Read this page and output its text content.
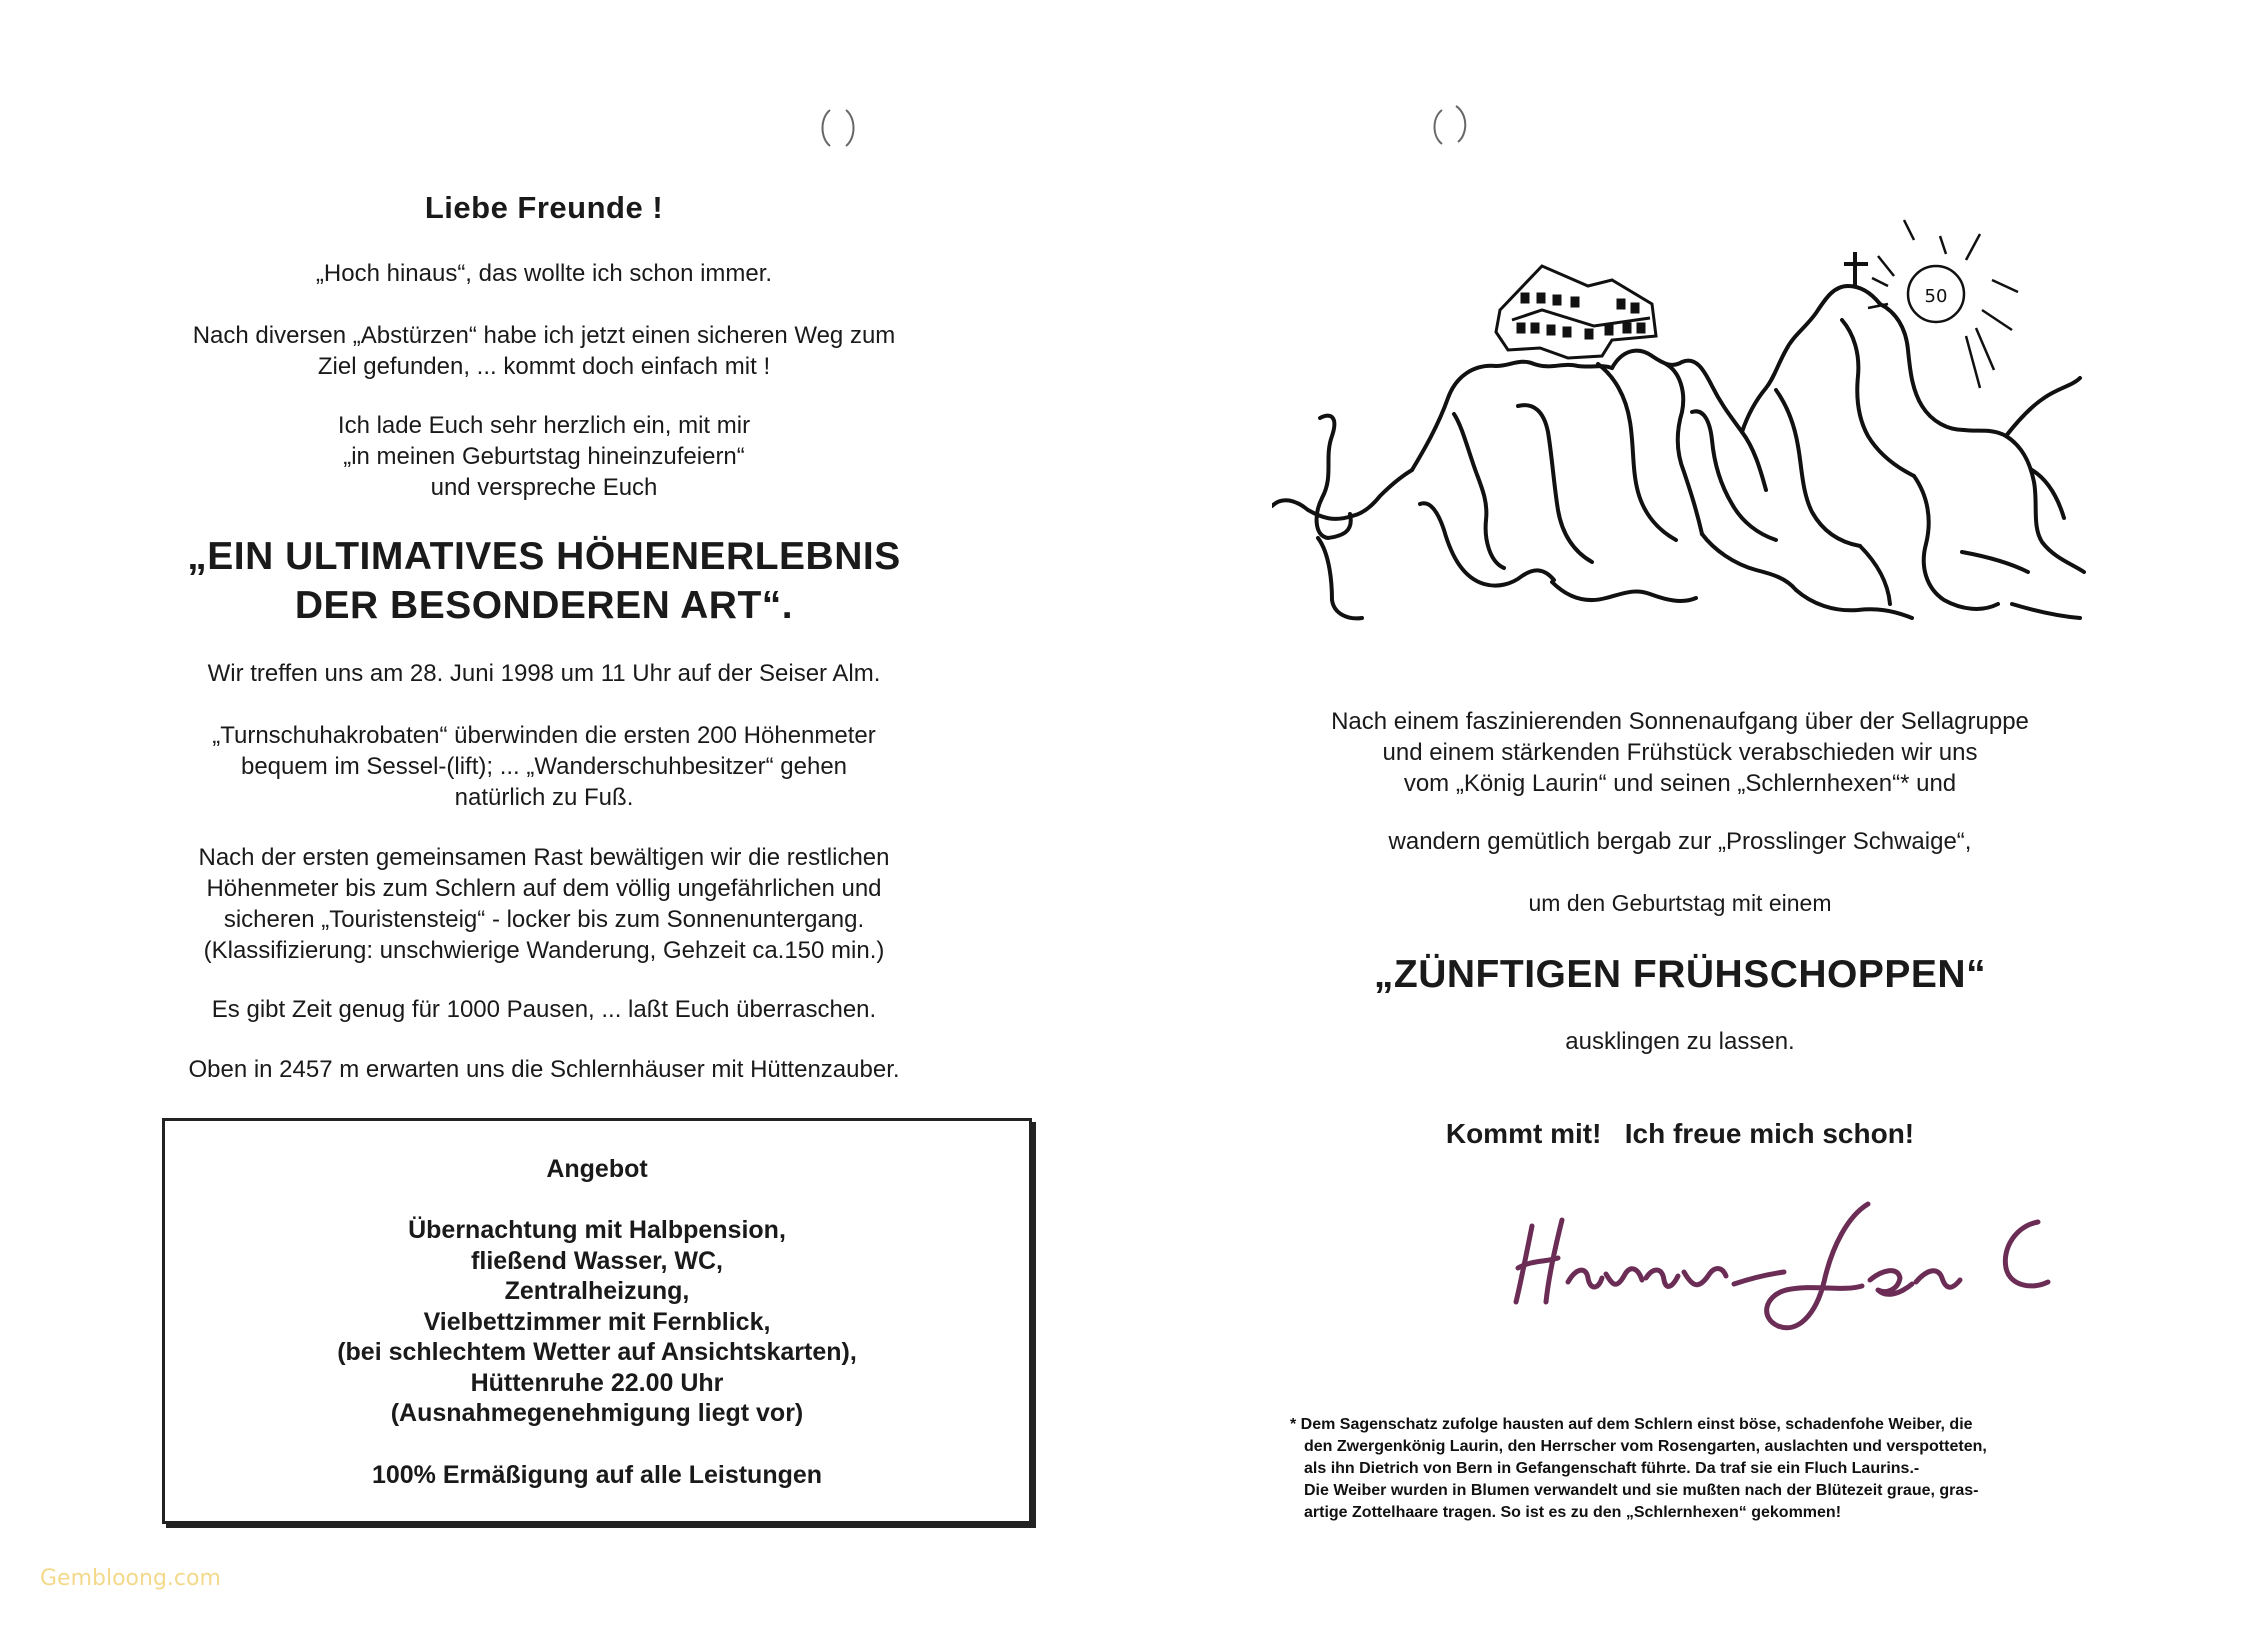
Liebe Freunde !
„Hoch hinaus“, das wollte ich schon immer.
Nach diversen „Abstürzen“ habe ich jetzt einen sicheren Weg zum
Ziel gefunden, ... kommt doch einfach mit !
Ich lade Euch sehr herzlich ein, mit mir
„in meinen Geburtstag hineinzufeiern“
und verspreche Euch
„EIN ULTIMATIVES HÖHENERLEBNIS
DER BESONDEREN ART“.
Wir treffen uns am 28. Juni 1998 um 11 Uhr auf der Seiser Alm.
„Turnschuhakrobaten“ überwinden die ersten 200 Höhenmeter
bequem im Sessel-(lift); ... „Wanderschuhbesitzer“ gehen
natürlich zu Fuß.
Nach der ersten gemeinsamen Rast bewältigen wir die restlichen
Höhenmeter bis zum Schlern auf dem völlig ungefährlichen und
sicheren „Touristensteig“ - locker bis zum Sonnenuntergang.
(Klassifizierung: unschwierige Wanderung, Gehzeit ca.150 min.)
Es gibt Zeit genug für 1000 Pausen, ... laßt Euch überraschen.
Oben in 2457 m erwarten uns die Schlernhäuser mit Hüttenzauber.
Angebot
Übernachtung mit Halbpension,
fließend Wasser, WC,
Zentralheizung,
Vielbettzimmer mit Fernblick,
(bei schlechtem Wetter auf Ansichtskarten),
Hüttenruhe 22.00 Uhr
(Ausnahmegenehmigung liegt vor)
100% Ermäßigung auf alle Leistungen
Gembloong.com
50
Nach einem faszinierenden Sonnenaufgang über der Sellagruppe
und einem stärkenden Frühstück verabschieden wir uns
vom „König Laurin“ und seinen „Schlernhexen“* und
wandern gemütlich bergab zur „Prosslinger Schwaige“,
um den Geburtstag mit einem
„ZÜNFTIGEN FRÜHSCHOPPEN“
ausklingen zu lassen.
Kommt mit!   Ich freue mich schon!
* Dem Sagenschatz zufolge hausten auf dem Schlern einst böse, schadenfohe Weiber, die
den Zwergenkönig Laurin, den Herrscher vom Rosengarten, auslachten und verspotteten,
als ihn Dietrich von Bern in Gefangenschaft führte. Da traf sie ein Fluch Laurins.-
Die Weiber wurden in Blumen verwandelt und sie mußten nach der Blütezeit graue, gras-
artige Zottelhaare tragen. So ist es zu den „Schlernhexen“ gekommen!
